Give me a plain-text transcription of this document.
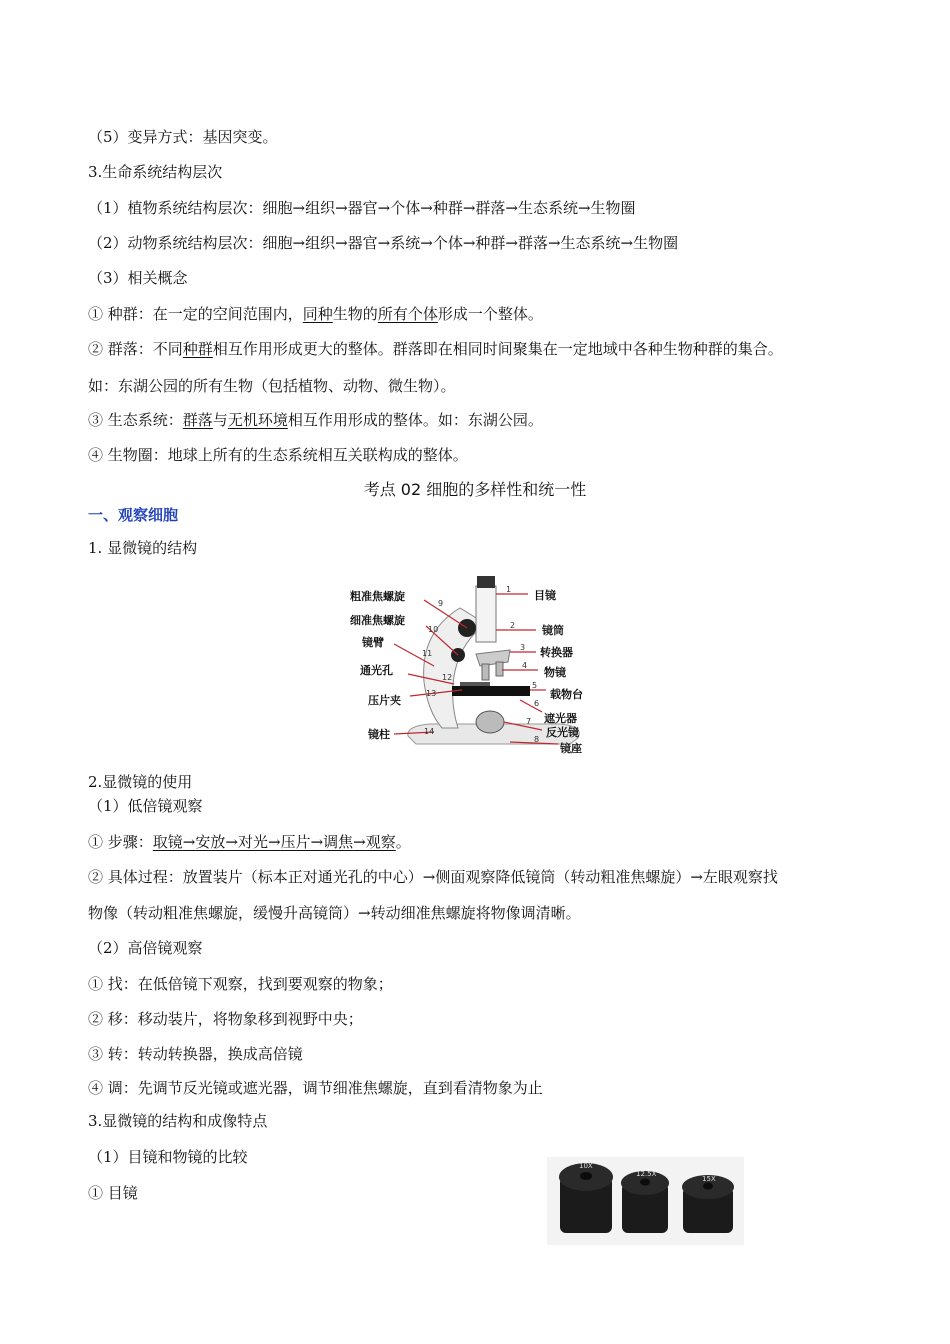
（5）变异方式：基因突变。
3.生命系统结构层次
（1）植物系统结构层次：细胞→组织→器官→个体→种群→群落→生态系统→生物圈
（2）动物系统结构层次：细胞→组织→器官→系统→个体→种群→群落→生态系统→生物圈
（3）相关概念
① 种群：在一定的空间范围内，同种生物的所有个体形成一个整体。
② 群落：不同种群相互作用形成更大的整体。群落即在相同时间聚集在一定地域中各种生物种群的集合。
如：东湖公园的所有生物（包括植物、动物、微生物）。
③ 生态系统：群落与无机环境相互作用形成的整体。如：东湖公园。
④ 生物圈：地球上所有的生态系统相互关联构成的整体。
考点 02 细胞的多样性和统一性
一、观察细胞
1. 显微镜的结构
1
2
3
4
5
6
7
8
9
10
11
12
13
14
目镜
镜筒
转换器
物镜
载物台
遮光器
反光镜
镜座
粗准焦螺旋
细准焦螺旋
镜臂
通光孔
压片夹
镜柱
2.显微镜的使用
（1）低倍镜观察
① 步骤：取镜→安放→对光→压片→调焦→观察。
② 具体过程：放置装片（标本正对通光孔的中心）→侧面观察降低镜筒（转动粗准焦螺旋）→左眼观察找
物像（转动粗准焦螺旋，缓慢升高镜筒）→转动细准焦螺旋将物像调清晰。
（2）高倍镜观察
① 找：在低倍镜下观察，找到要观察的物象；
② 移：移动装片，将物象移到视野中央；
③ 转：转动转换器，换成高倍镜
④ 调：先调节反光镜或遮光器，调节细准焦螺旋，直到看清物象为止
3.显微镜的结构和成像特点
（1）目镜和物镜的比较
① 目镜
10X
12.5X
15X
